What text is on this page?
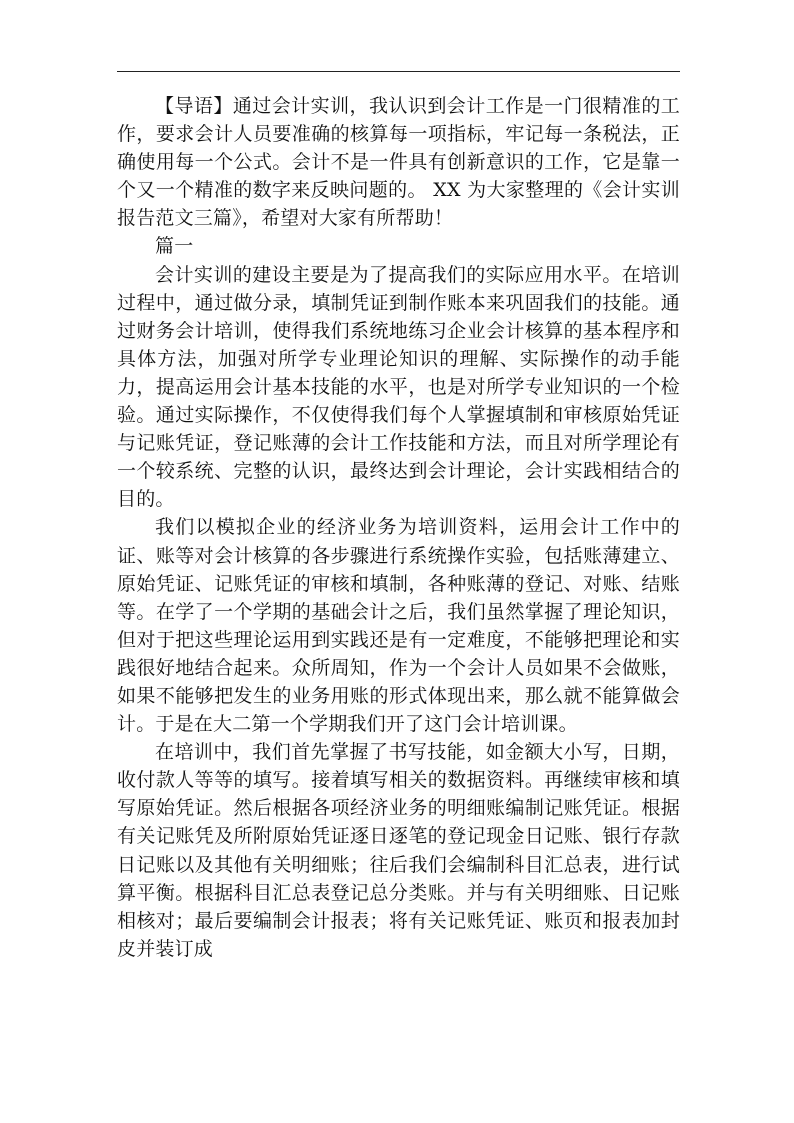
【导语】通过会计实训，我认识到会计工作是一门很精准的工作，要求会计人员要准确的核算每一项指标，牢记每一条税法，正确使用每一个公式。会计不是一件具有创新意识的工作，它是靠一个又一个精准的数字来反映问题的。 XX 为大家整理的《会计实训报告范文三篇》，希望对大家有所帮助！

篇一

会计实训的建设主要是为了提高我们的实际应用水平。在培训过程中，通过做分录，填制凭证到制作账本来巩固我们的技能。通过财务会计培训，使得我们系统地练习企业会计核算的基本程序和具体方法，加强对所学专业理论知识的理解、实际操作的动手能力，提高运用会计基本技能的水平，也是对所学专业知识的一个检验。通过实际操作，不仅使得我们每个人掌握填制和审核原始凭证与记账凭证，登记账薄的会计工作技能和方法，而且对所学理论有一个较系统、完整的认识，最终达到会计理论，会计实践相结合的目的。

我们以模拟企业的经济业务为培训资料，运用会计工作中的证、账等对会计核算的各步骤进行系统操作实验，包括账薄建立、原始凭证、记账凭证的审核和填制，各种账薄的登记、对账、结账等。在学了一个学期的基础会计之后，我们虽然掌握了理论知识，但对于把这些理论运用到实践还是有一定难度，不能够把理论和实践很好地结合起来。众所周知，作为一个会计人员如果不会做账，如果不能够把发生的业务用账的形式体现出来，那么就不能算做会计。于是在大二第一个学期我们开了这门会计培训课。

在培训中，我们首先掌握了书写技能，如金额大小写，日期，收付款人等等的填写。接着填写相关的数据资料。再继续审核和填写原始凭证。然后根据各项经济业务的明细账编制记账凭证。根据有关记账凭及所附原始凭证逐日逐笔的登记现金日记账、银行存款日记账以及其他有关明细账；往后我们会编制科目汇总表，进行试算平衡。根据科目汇总表登记总分类账。并与有关明细账、日记账相核对；最后要编制会计报表；将有关记账凭证、账页和报表加封皮并装订成
